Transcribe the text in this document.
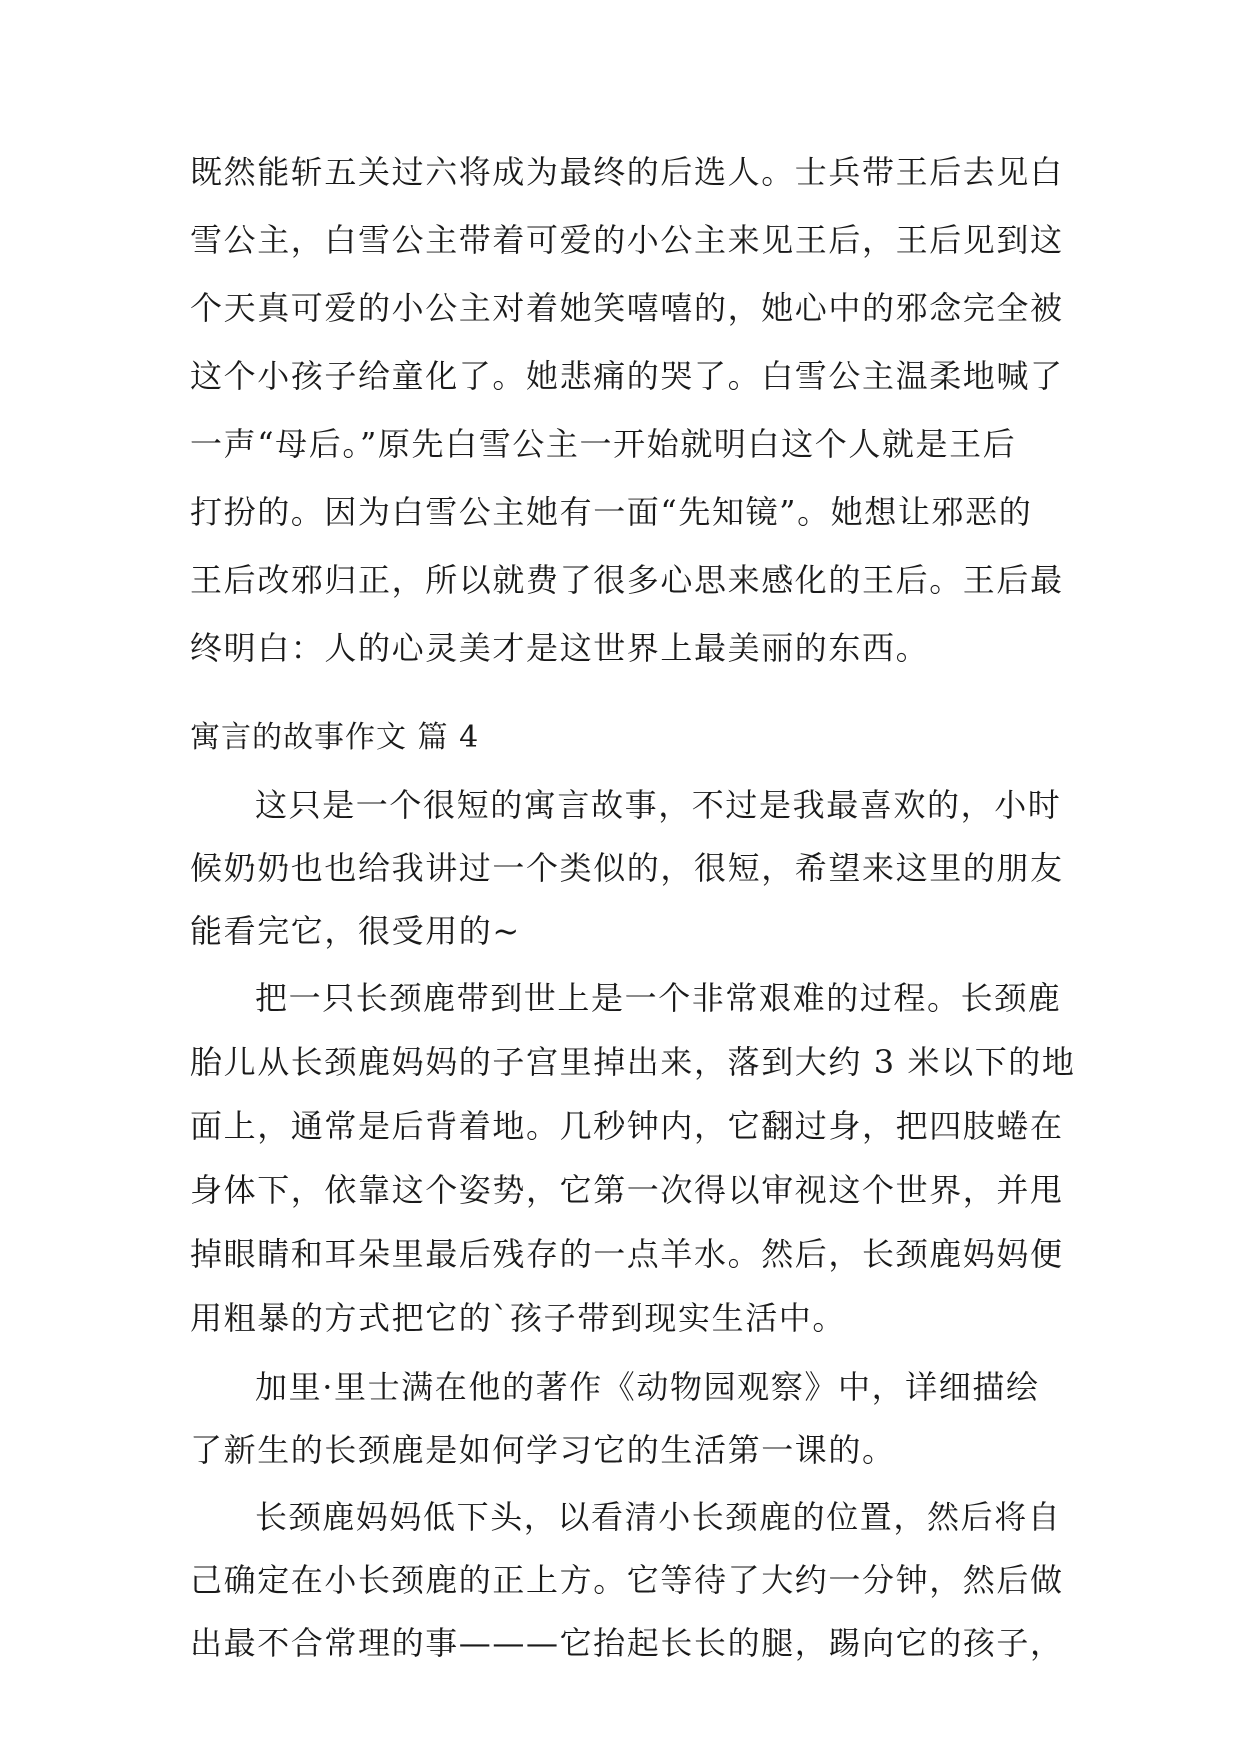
既然能斩五关过六将成为最终的后选人。士兵带王后去见白
雪公主，白雪公主带着可爱的小公主来见王后，王后见到这
个天真可爱的小公主对着她笑嘻嘻的，她心中的邪念完全被
这个小孩子给童化了。她悲痛的哭了。白雪公主温柔地喊了
一声“母后。”原先白雪公主一开始就明白这个人就是王后
打扮的。因为白雪公主她有一面“先知镜”。她想让邪恶的
王后改邪归正，所以就费了很多心思来感化的王后。王后最
终明白：人的心灵美才是这世界上最美丽的东西。
寓言的故事作文 篇 4
这只是一个很短的寓言故事，不过是我最喜欢的，小时
候奶奶也也给我讲过一个类似的，很短，希望来这里的朋友
能看完它，很受用的~
把一只长颈鹿带到世上是一个非常艰难的过程。长颈鹿
胎儿从长颈鹿妈妈的子宫里掉出来，落到大约 3 米以下的地
面上，通常是后背着地。几秒钟内，它翻过身，把四肢蜷在
身体下，依靠这个姿势，它第一次得以审视这个世界，并甩
掉眼睛和耳朵里最后残存的一点羊水。然后，长颈鹿妈妈便
用粗暴的方式把它的`孩子带到现实生活中。
加里·里士满在他的著作《动物园观察》中，详细描绘
了新生的长颈鹿是如何学习它的生活第一课的。
长颈鹿妈妈低下头，以看清小长颈鹿的位置，然后将自
己确定在小长颈鹿的正上方。它等待了大约一分钟，然后做
出最不合常理的事———它抬起长长的腿，踢向它的孩子，
